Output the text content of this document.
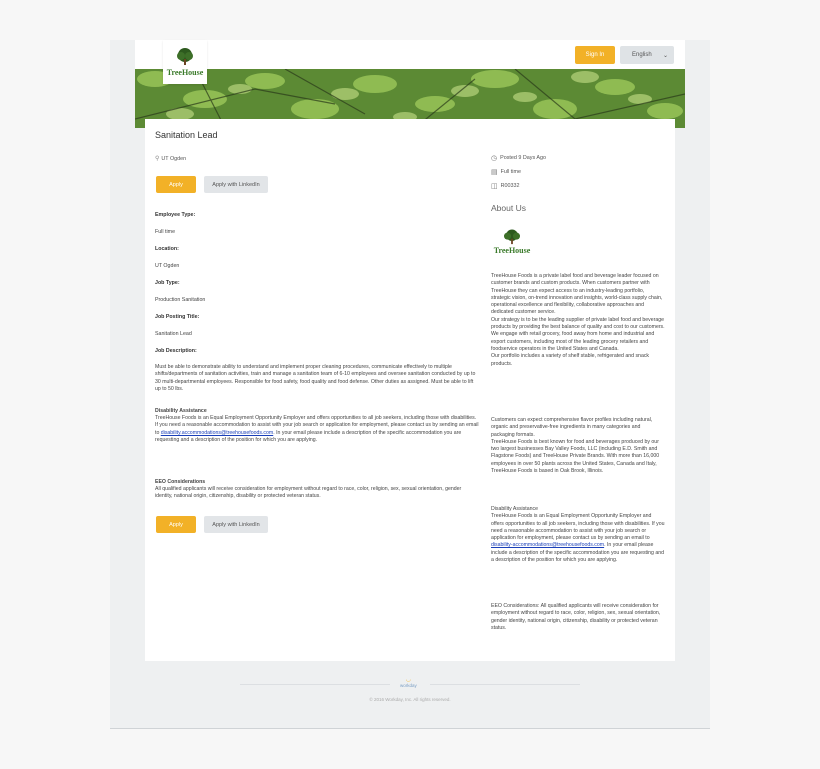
TreeHouse
Sign In	English ⌄
Sanitation Lead
⚲ UT Ogden
Apply	Apply with LinkedIn
Employee Type:
Full time
Location:
UT Ogden
Job Type:
Production Sanitation
Job Posting Title:
Sanitation Lead
Job Description:
Must be able to demonstrate ability to understand and implement proper cleaning procedures, communicate effectively to multiple shifts/departments of sanitation activities, train and manage a sanitation team of 6-10 employees and oversee sanitation conducted by up to 30 multi-departmental employees. Responsible for food safety, food quality and food defense. Other duties as assigned. Must be able to lift up to 50 lbs.
Disability Assistance
TreeHouse Foods is an Equal Employment Opportunity Employer and offers opportunities to all job seekers, including those with disabilities. If you need a reasonable accommodation to assist with your job search or application for employment, please contact us by sending an email to disability.accommodations@treehousefoods.com. In your email please include a description of the specific accommodation you are requesting and a description of the position for which you are applying.
EEO Considerations
All qualified applicants will receive consideration for employment without regard to race, color, religion, sex, sexual orientation, gender identity, national origin, citizenship, disability or protected veteran status.
Apply	Apply with LinkedIn
◷ Posted 9 Days Ago
▤ Full time
◫ R00332
About Us
TreeHouse
TreeHouse Foods is a private label food and beverage leader focused on customer brands and custom products. When customers partner with TreeHouse they can expect access to an industry-leading portfolio, strategic vision, on-trend innovation and insights, world-class supply chain, operational excellence and flexibility, collaborative approaches and dedicated customer service.
Our strategy is to be the leading supplier of private label food and beverage products by providing the best balance of quality and cost to our customers. We engage with retail grocery, food away from home and industrial and export customers, including most of the leading grocery retailers and foodservice operators in the United States and Canada.
Our portfolio includes a variety of shelf stable, refrigerated and snack products.
Customers can expect comprehensive flavor profiles including natural, organic and preservative-free ingredients in many categories and packaging formats.
TreeHouse Foods is best known for food and beverages produced by our two largest businesses Bay Valley Foods, LLC (including E.D. Smith and Flagstone Foods) and TreeHouse Private Brands. With more than 16,000 employees in over 50 plants across the United States, Canada and Italy, TreeHouse Foods is based in Oak Brook, Illinois.
Disability Assistance
TreeHouse Foods is an Equal Employment Opportunity Employer and offers opportunities to all job seekers, including those with disabilities. If you need a reasonable accommodation to assist with your job search or application for employment, please contact us by sending an email to disability-accommodations@treehousefoods.com. In your email please include a description of the specific accommodation you are requesting and a description of the position for which you are applying.
EEO Considerations: All qualified applicants will receive consideration for employment without regard to race, color, religion, sex, sexual orientation, gender identity, national origin, citizenship, disability or protected veteran status.
◡
workday
© 2016 Workday, Inc. All rights reserved.
